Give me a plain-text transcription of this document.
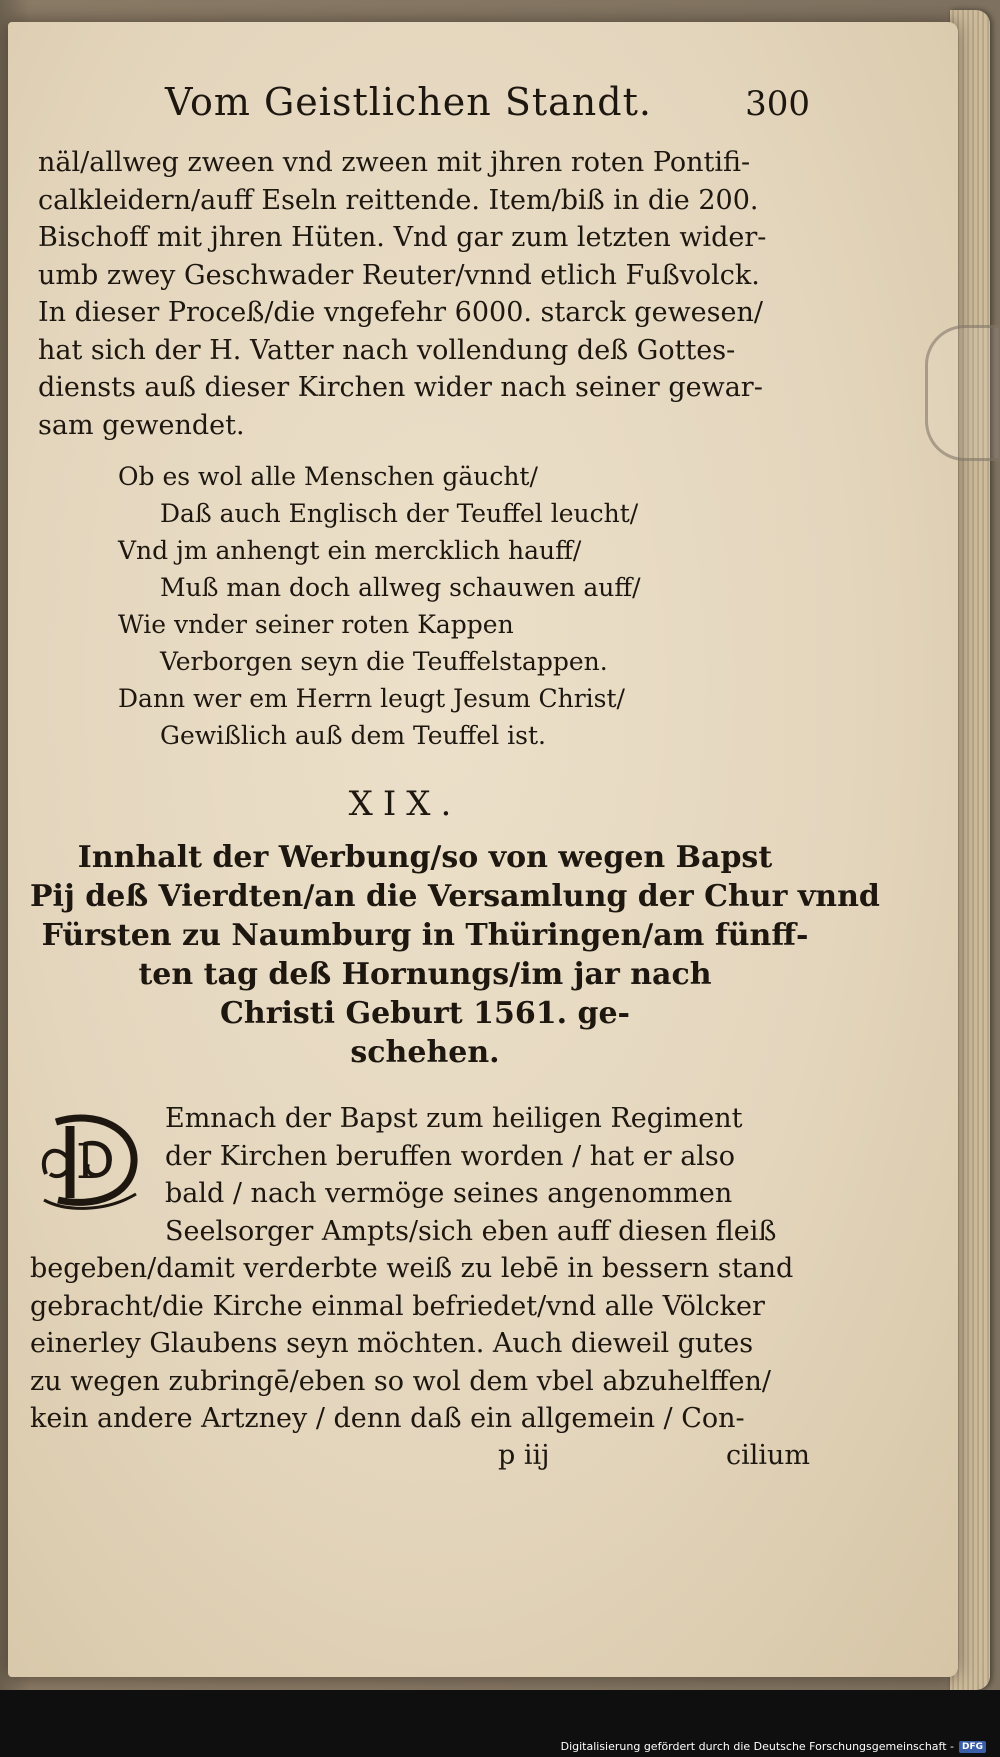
Vom Geistlichen Standt.	300
näl/allweg zween vnd zween mit jhren roten Pontifi-
calkleidern/auff Eseln reittende. Item/biß in die 200.
Bischoff mit jhren Hüten. Vnd gar zum letzten wider-
umb zwey Geschwader Reuter/vnnd etlich Fußvolck.
In dieser Proceß/die vngefehr 6000. starck gewesen/
hat sich der H. Vatter nach vollendung deß Gottes-
diensts auß dieser Kirchen wider nach seiner gewar-
sam gewendet.
Ob es wol alle Menschen gäucht/
Daß auch Englisch der Teuffel leucht/
Vnd jm anhengt ein mercklich hauff/
Muß man doch allweg schauwen auff/
Wie vnder seiner roten Kappen
Verborgen seyn die Teuffelstappen.
Dann wer em Herrn leugt Jesum Christ/
Gewißlich auß dem Teuffel ist.
XIX.
Innhalt der Werbung/so von wegen Bapst
Pij deß Vierdten/an die Versamlung der Chur vnnd
Fürsten zu Naumburg in Thüringen/am fünff-
ten tag deß Hornungs/im jar nach
Christi Geburt 1561. ge-
schehen.
D
Emnach der Bapst zum heiligen Regiment
der Kirchen beruffen worden / hat er also
bald / nach vermöge seines angenommen
Seelsorger Ampts/sich eben auff diesen fleiß
begeben/damit verderbte weiß zu lebē in bessern stand
gebracht/die Kirche einmal befriedet/vnd alle Völcker
einerley Glaubens seyn möchten. Auch dieweil gutes
zu wegen zubringē/eben so wol dem vbel abzuhelffen/
kein andere Artzney / denn daß ein allgemein / Con-
p iij	cilium
Digitalisierung gefördert durch die Deutsche Forschungsgemeinschaft - DFG
